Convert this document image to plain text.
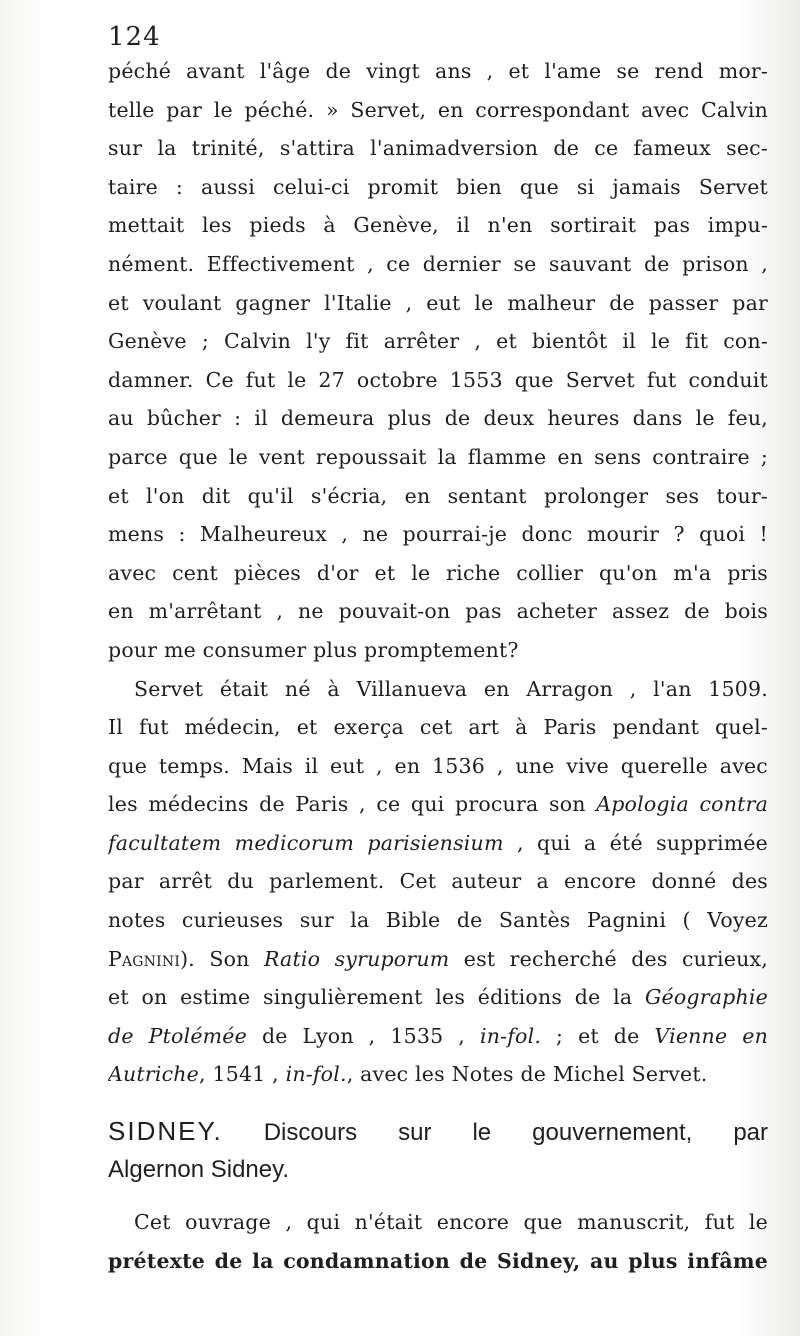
124
péché avant l'âge de vingt ans , et l'ame se rend mor-
telle par le péché. » Servet, en correspondant avec Calvin
sur la trinité, s'attira l'animadversion de ce fameux sec-
taire : aussi celui-ci promit bien que si jamais Servet
mettait les pieds à Genève, il n'en sortirait pas impu-
nément. Effectivement , ce dernier se sauvant de prison ,
et voulant gagner l'Italie , eut le malheur de passer par
Genève ; Calvin l'y fit arrêter , et bientôt il le fit con-
damner. Ce fut le 27 octobre 1553 que Servet fut conduit
au bûcher : il demeura plus de deux heures dans le feu,
parce que le vent repoussait la flamme en sens contraire ;
et l'on dit qu'il s'écria, en sentant prolonger ses tour-
mens : Malheureux , ne pourrai-je donc mourir ? quoi !
avec cent pièces d'or et le riche collier qu'on m'a pris
en m'arrêtant , ne pouvait-on pas acheter assez de bois
pour me consumer plus promptement?
Servet était né à Villanueva en Arragon , l'an 1509.
Il fut médecin, et exerça cet art à Paris pendant quel-
que temps. Mais il eut , en 1536 , une vive querelle avec
les médecins de Paris , ce qui procura son Apologia contra
facultatem medicorum parisiensium , qui a été supprimée
par arrêt du parlement. Cet auteur a encore donné des
notes curieuses sur la Bible de Santès Pagnini ( Voyez
Pagnini). Son Ratio syruporum est recherché des curieux,
et on estime singulièrement les éditions de la Géographie
de Ptolémée de Lyon , 1535 , in-fol. ; et de Vienne en
Autriche, 1541 , in-fol., avec les Notes de Michel Servet.
SIDNEY. Discours sur le gouvernement, par
Algernon Sidney.
Cet ouvrage , qui n'était encore que manuscrit, fut le
prétexte de la condamnation de Sidney, au plus infâme
